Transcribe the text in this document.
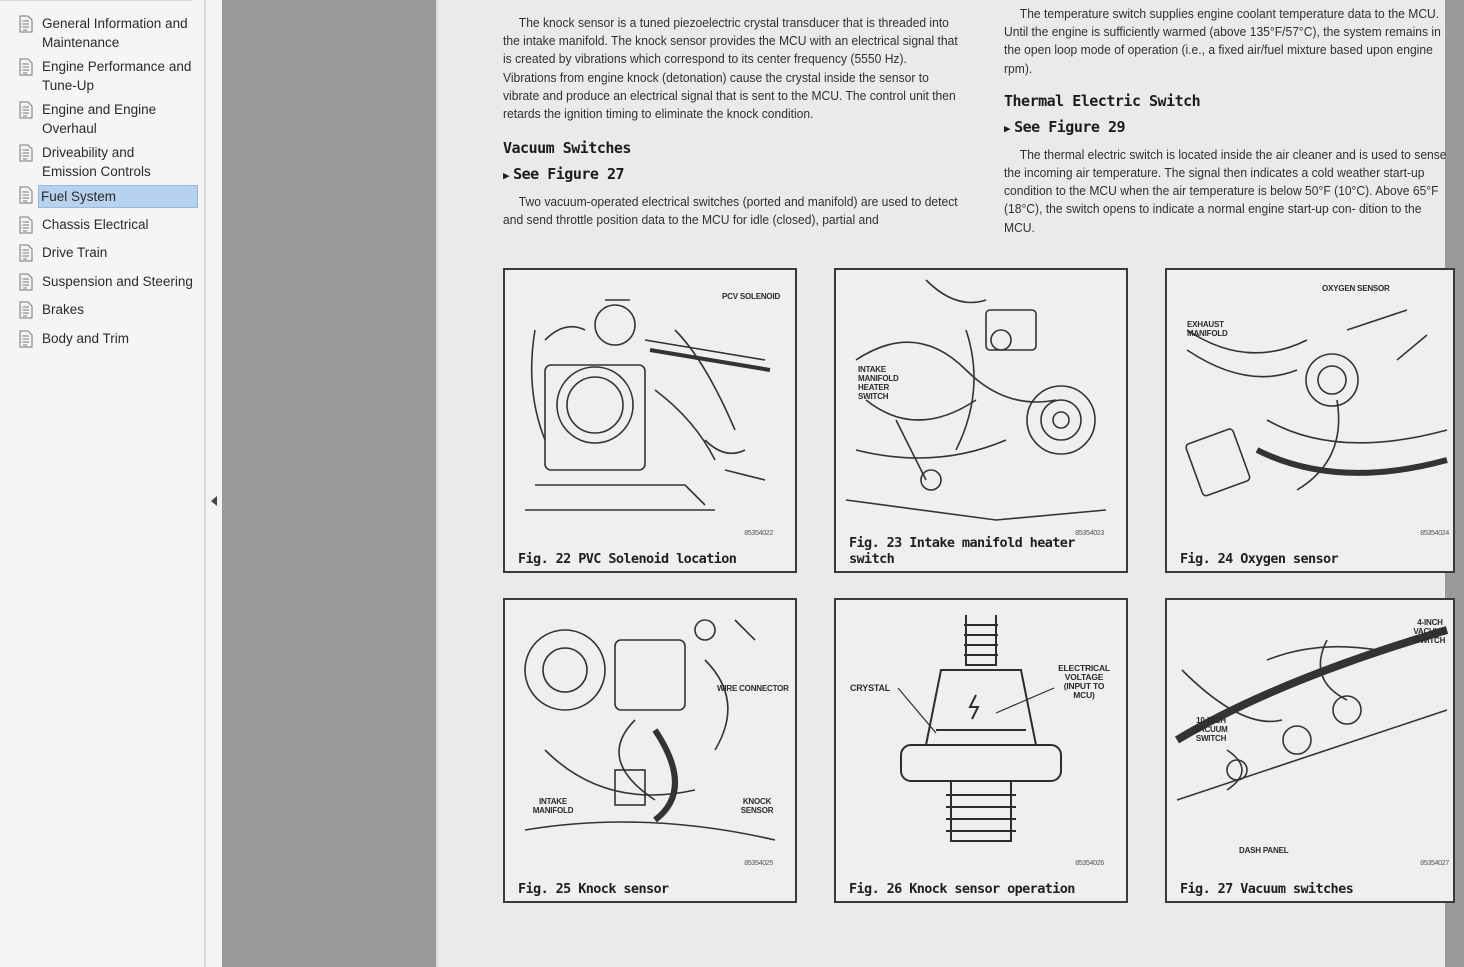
General Information and Maintenance
Engine Performance and Tune-Up
Engine and Engine Overhaul
Driveability and Emission Controls
Fuel System
Chassis Electrical
Drive Train
Suspension and Steering
Brakes
Body and Trim

The knock sensor is a tuned piezoelectric crystal transducer that is threaded into the intake manifold. The knock sensor provides the MCU with an electrical signal that is created by vibrations which correspond to its center frequency (5550 Hz). Vibrations from engine knock (detonation) cause the crystal inside the sensor to vibrate and produce an electrical signal that is sent to the MCU. The control unit then retards the ignition timing to eliminate the knock condition.

Vacuum Switches

▶ See Figure 27

Two vacuum-operated electrical switches (ported and manifold) are used to detect and send throttle position data to the MCU for idle (closed), partial and

The temperature switch supplies engine coolant temperature data to the MCU. Until the engine is sufficiently warmed (above 135°F/57°C), the system remains in the open loop mode of operation (i.e., a fixed air/fuel mixture based upon engine rpm).

Thermal Electric Switch

▶ See Figure 29

The thermal electric switch is located inside the air cleaner and is used to sense the incoming air temperature. The signal then indicates a cold weather start-up condition to the MCU when the air temperature is below 50°F (10°C). Above 65°F (18°C), the switch opens to indicate a normal engine start-up con- dition to the MCU.

PCV SOLENOID
85354022
Fig. 22 PVC Solenoid location
INTAKE MANIFOLD HEATER SWITCH
85354023
Fig. 23 Intake manifold heater switch
OXYGEN SENSOR
EXHAUST MANIFOLD
85354024
Fig. 24 Oxygen sensor
WIRE CONNECTOR
INTAKE MANIFOLD
KNOCK SENSOR
85354025
Fig. 25 Knock sensor
CRYSTAL
ELECTRICAL VOLTAGE (INPUT TO MCU)
85354026
Fig. 26 Knock sensor operation
4-INCH VACUUM SWITCH
10-INCH VACUUM SWITCH
DASH PANEL
85354027
Fig. 27 Vacuum switches
